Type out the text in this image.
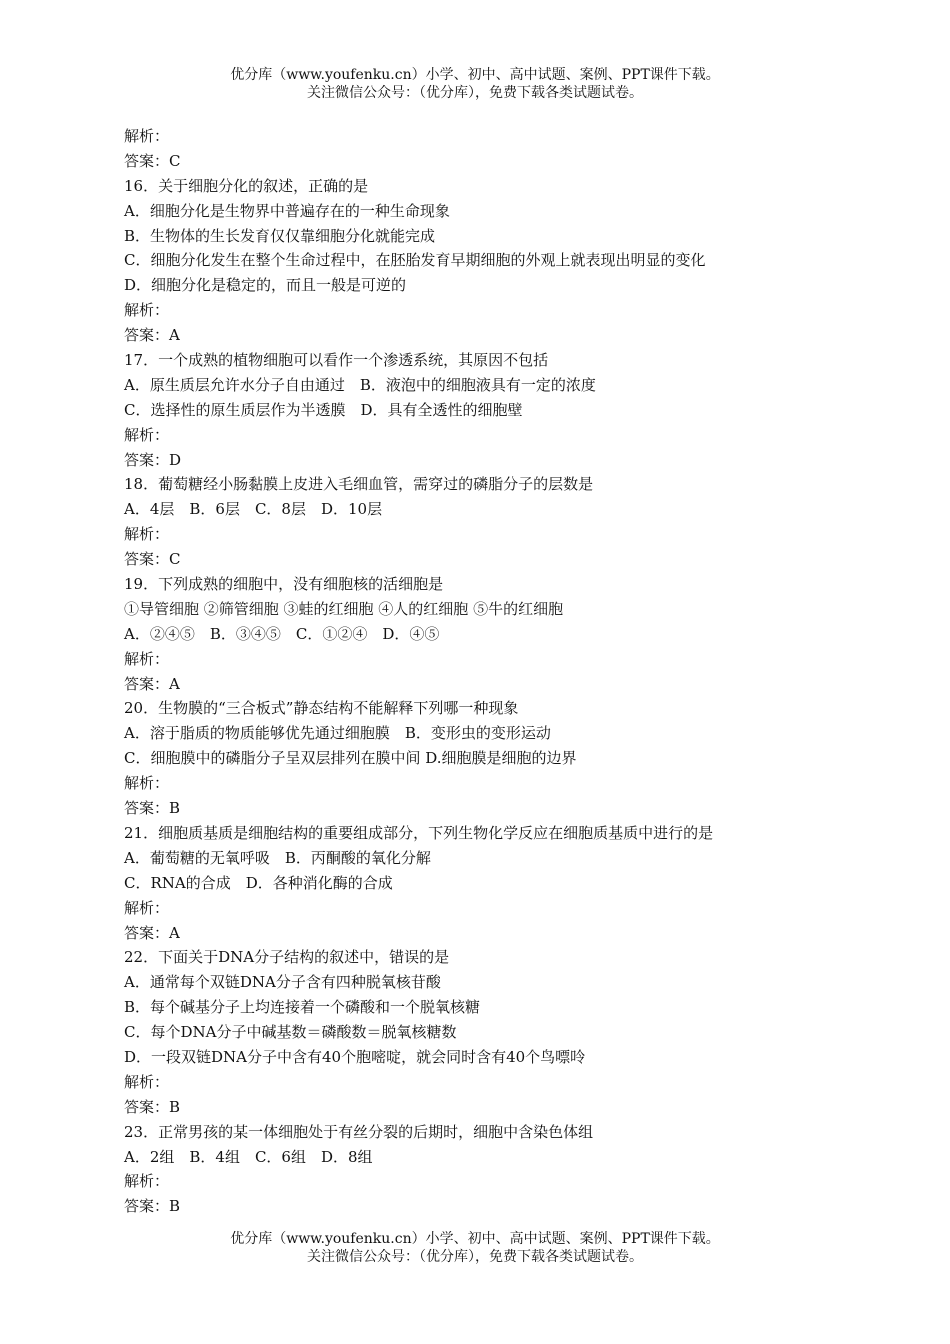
优分库（www.youfenku.cn）小学、初中、高中试题、案例、PPT课件下载。
关注微信公众号：（优分库），免费下载各类试题试卷。
解析：
答案：C
16．关于细胞分化的叙述，正确的是
A．细胞分化是生物界中普遍存在的一种生命现象
B．生物体的生长发育仅仅靠细胞分化就能完成
C．细胞分化发生在整个生命过程中，在胚胎发育早期细胞的外观上就表现出明显的变化
D．细胞分化是稳定的，而且一般是可逆的
解析：
答案：A
17．一个成熟的植物细胞可以看作一个渗透系统，其原因不包括
A．原生质层允许水分子自由通过　B．液泡中的细胞液具有一定的浓度
C．选择性的原生质层作为半透膜　D．具有全透性的细胞壁
解析：
答案：D
18．葡萄糖经小肠黏膜上皮进入毛细血管，需穿过的磷脂分子的层数是
A．4层　B．6层　C．8层　D．10层
解析：
答案：C
19．下列成熟的细胞中，没有细胞核的活细胞是
①导管细胞 ②筛管细胞 ③蛙的红细胞 ④人的红细胞 ⑤牛的红细胞
A．②④⑤　B．③④⑤　C．①②④　D．④⑤
解析：
答案：A
20．生物膜的“三合板式”静态结构不能解释下列哪一种现象
A．溶于脂质的物质能够优先通过细胞膜　B．变形虫的变形运动
C．细胞膜中的磷脂分子呈双层排列在膜中间 D.细胞膜是细胞的边界
解析：
答案：B
21．细胞质基质是细胞结构的重要组成部分，下列生物化学反应在细胞质基质中进行的是
A．葡萄糖的无氧呼吸　B．丙酮酸的氧化分解
C．RNA的合成　D．各种消化酶的合成
解析：
答案：A
22．下面关于DNA分子结构的叙述中，错误的是
A．通常每个双链DNA分子含有四种脱氧核苷酸
B．每个碱基分子上均连接着一个磷酸和一个脱氧核糖
C．每个DNA分子中碱基数＝磷酸数＝脱氧核糖数
D．一段双链DNA分子中含有40个胞嘧啶，就会同时含有40个鸟嘌呤
解析：
答案：B
23．正常男孩的某一体细胞处于有丝分裂的后期时，细胞中含染色体组
A．2组　B．4组　C．6组　D．8组
解析：
答案：B
优分库（www.youfenku.cn）小学、初中、高中试题、案例、PPT课件下载。
关注微信公众号：（优分库），免费下载各类试题试卷。
